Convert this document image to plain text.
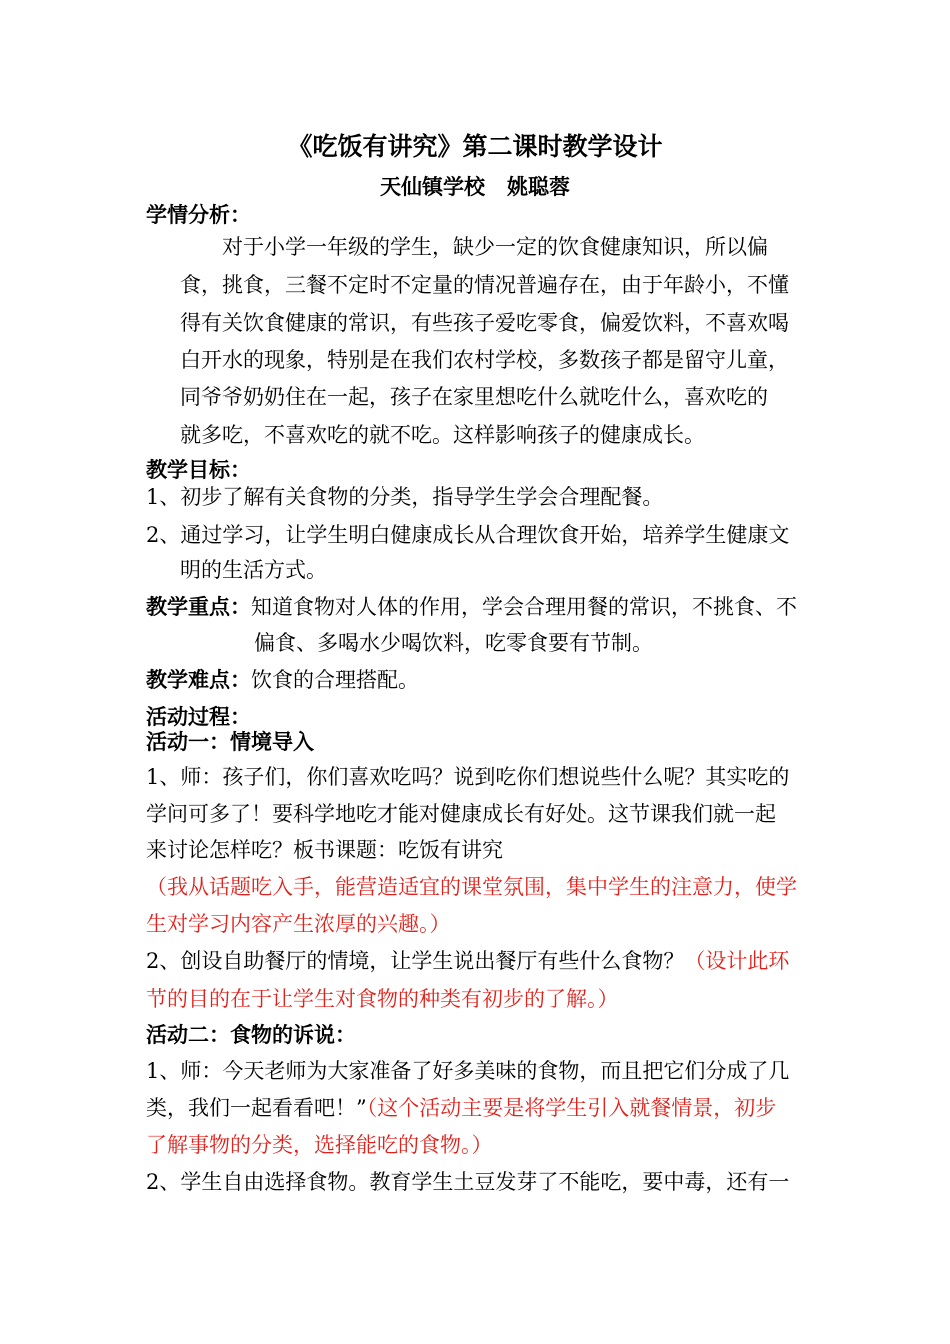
《吃饭有讲究》第二课时教学设计
天仙镇学校 姚聪蓉
学情分析：
对于小学一年级的学生，缺少一定的饮食健康知识，所以偏
食，挑食，三餐不定时不定量的情况普遍存在，由于年龄小，不懂
得有关饮食健康的常识，有些孩子爱吃零食，偏爱饮料，不喜欢喝
白开水的现象，特别是在我们农村学校，多数孩子都是留守儿童，
同爷爷奶奶住在一起，孩子在家里想吃什么就吃什么，喜欢吃的
就多吃，不喜欢吃的就不吃。这样影响孩子的健康成长。
教学目标：
1、初步了解有关食物的分类，指导学生学会合理配餐。
2、通过学习，让学生明白健康成长从合理饮食开始，培养学生健康文
明的生活方式。
教学重点：知道食物对人体的作用，学会合理用餐的常识，不挑食、不
偏食、多喝水少喝饮料，吃零食要有节制。
教学难点：饮食的合理搭配。
活动过程：
活动一：情境导入
1、师：孩子们，你们喜欢吃吗？说到吃你们想说些什么呢？其实吃的
学问可多了！要科学地吃才能对健康成长有好处。这节课我们就一起
来讨论怎样吃？板书课题：吃饭有讲究
（我从话题吃入手，能营造适宜的课堂氛围，集中学生的注意力，使学
生对学习内容产生浓厚的兴趣。）
2、创设自助餐厅的情境，让学生说出餐厅有些什么食物？（设计此环
节的目的在于让学生对食物的种类有初步的了解。）
活动二：食物的诉说：
1、师：今天老师为大家准备了好多美味的食物，而且把它们分成了几
类，我们一起看看吧！”（这个活动主要是将学生引入就餐情景，初步
了解事物的分类，选择能吃的食物。）
2、学生自由选择食物。教育学生土豆发芽了不能吃，要中毒，还有一
